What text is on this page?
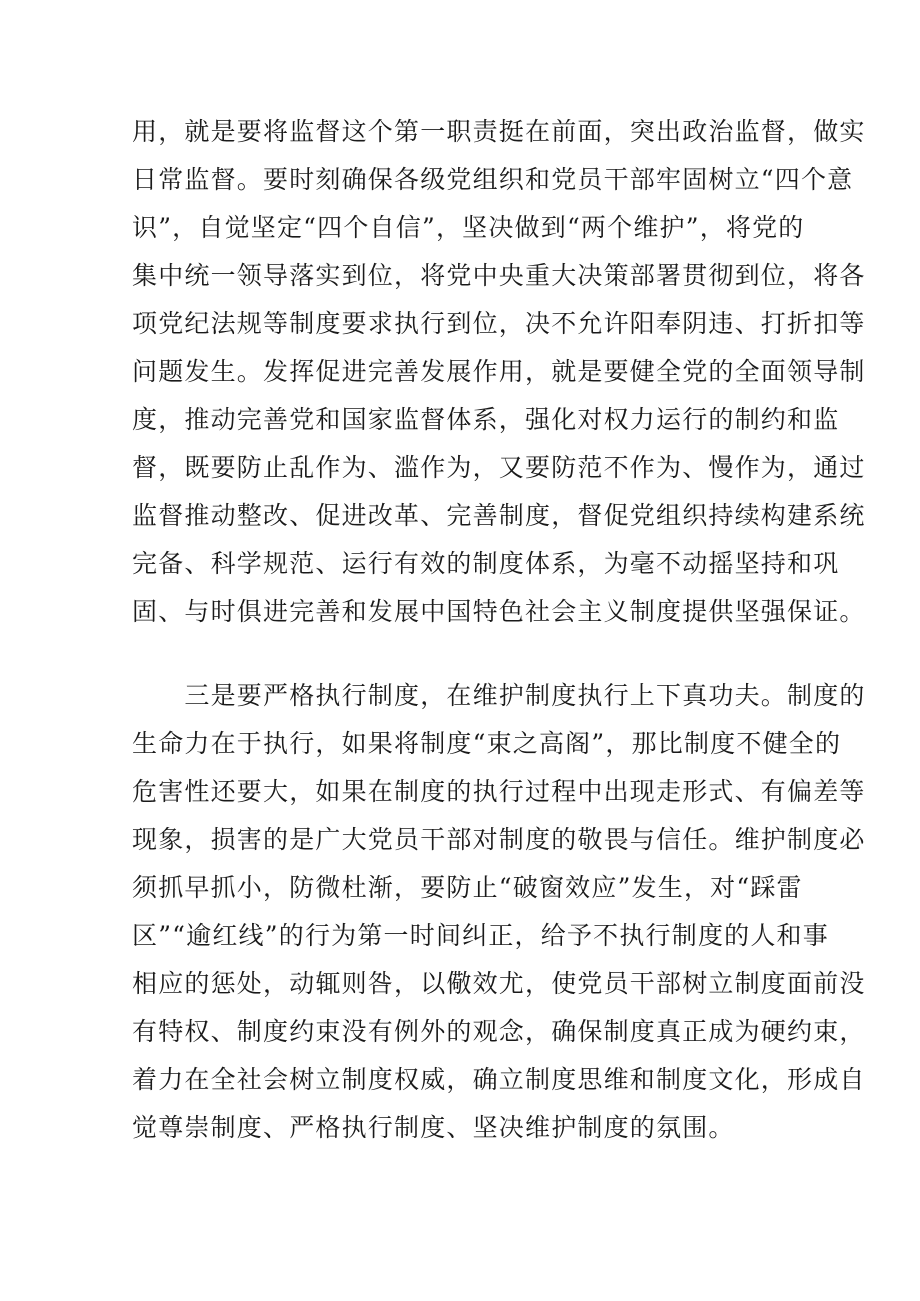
用，就是要将监督这个第一职责挺在前面，突出政治监督，做实
日常监督。要时刻确保各级党组织和党员干部牢固树立“四个意
识”，自觉坚定“四个自信”，坚决做到“两个维护”，将党的
集中统一领导落实到位，将党中央重大决策部署贯彻到位，将各
项党纪法规等制度要求执行到位，决不允许阳奉阴违、打折扣等
问题发生。发挥促进完善发展作用，就是要健全党的全面领导制
度，推动完善党和国家监督体系，强化对权力运行的制约和监
督，既要防止乱作为、滥作为，又要防范不作为、慢作为，通过
监督推动整改、促进改革、完善制度，督促党组织持续构建系统
完备、科学规范、运行有效的制度体系，为毫不动摇坚持和巩
固、与时俱进完善和发展中国特色社会主义制度提供坚强保证。
　　三是要严格执行制度，在维护制度执行上下真功夫。制度的
生命力在于执行，如果将制度“束之高阁”，那比制度不健全的
危害性还要大，如果在制度的执行过程中出现走形式、有偏差等
现象，损害的是广大党员干部对制度的敬畏与信任。维护制度必
须抓早抓小，防微杜渐，要防止“破窗效应”发生，对“踩雷
区”“逾红线”的行为第一时间纠正，给予不执行制度的人和事
相应的惩处，动辄则咎，以儆效尤，使党员干部树立制度面前没
有特权、制度约束没有例外的观念，确保制度真正成为硬约束，
着力在全社会树立制度权威，确立制度思维和制度文化，形成自
觉尊崇制度、严格执行制度、坚决维护制度的氛围。
